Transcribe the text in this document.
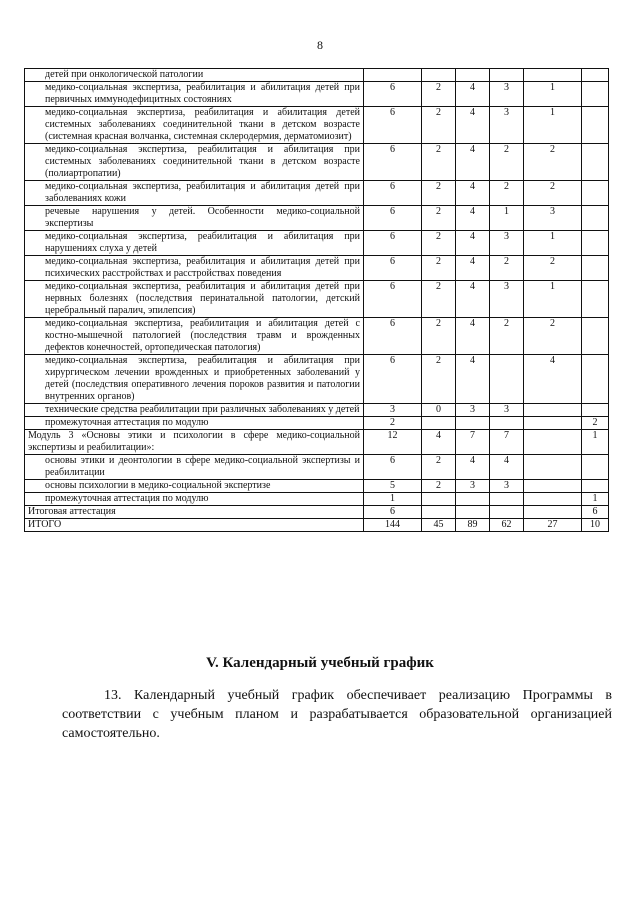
8
детей при онкологической патологии						
медико-социальная экспертиза, реабилитация и абилитация детей при первичных иммунодефицитных состояниях	6	2	4	3	1	
медико-социальная экспертиза, реабилитация и абилитация детей системных заболеваниях соединительной ткани в детском возрасте (системная красная волчанка, системная склеродермия, дерматомиозит)	6	2	4	3	1	
медико-социальная экспертиза, реабилитация и абилитация при системных заболеваниях соединительной ткани в детском возрасте (полиартропатии)	6	2	4	2	2	
медико-социальная экспертиза, реабилитация и абилитация детей при заболеваниях кожи	6	2	4	2	2	
речевые нарушения у детей. Особенности медико-социальной экспертизы	6	2	4	1	3	
медико-социальная экспертиза, реабилитация и абилитация при нарушениях слуха у детей	6	2	4	3	1	
медико-социальная экспертиза, реабилитация и абилитация детей при психических расстройствах и расстройствах поведения	6	2	4	2	2	
медико-социальная экспертиза, реабилитация и абилитация детей при нервных болезнях (последствия перинатальной патологии, детский церебральный паралич, эпилепсия)	6	2	4	3	1	
медико-социальная экспертиза, реабилитация и абилитация детей с костно-мышечной патологией (последствия травм и врожденных дефектов конечностей, ортопедическая патология)	6	2	4	2	2	
медико-социальная экспертиза, реабилитация и абилитация при хирургическом лечении врожденных и приобретенных заболеваний у детей (последствия оперативного лечения пороков развития и патологии внутренних органов)	6	2	4		4	
технические средства реабилитации при различных заболеваниях у детей	3	0	3	3		
промежуточная аттестация по модулю	2					2
Модуль 3 «Основы этики и психологии в сфере медико-социальной экспертизы и реабилитации»:	12	4	7	7		1
основы этики и деонтологии в сфере медико-социальной экспертизы и реабилитации	6	2	4	4		
основы психологии в медико-социальной экспертизе	5	2	3	3		
промежуточная аттестация по модулю	1					1
Итоговая аттестация	6					6
ИТОГО	144	45	89	62	27	10
V. Календарный учебный график
13. Календарный учебный график обеспечивает реализацию Программы в соответствии с учебным планом и разрабатывается образовательной организацией самостоятельно.
